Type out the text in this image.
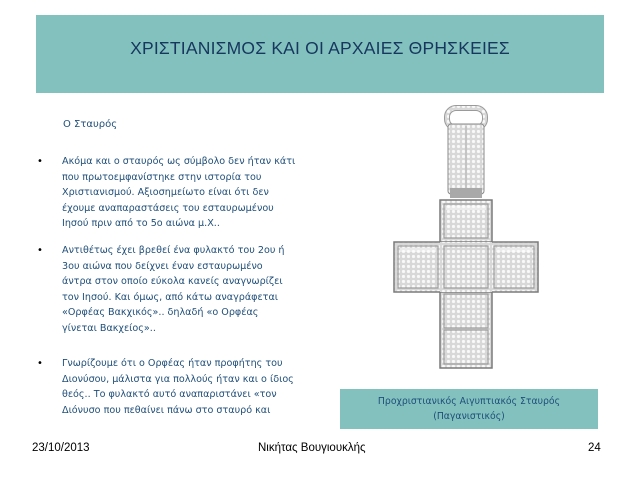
ΧΡΙΣΤΙΑΝΙΣΜΟΣ ΚΑΙ ΟΙ ΑΡΧΑΙΕΣ ΘΡΗΣΚΕΙΕΣ
Ο Σταυρός
• Ακόμα και ο σταυρός ως σύμβολο δεν ήταν κάτι
που πρωτοεμφανίστηκε στην ιστορία του
Χριστιανισμού. Αξιοσημείωτο είναι ότι δεν
έχουμε αναπαραστάσεις του εσταυρωμένου
Ιησού πριν από το 5ο αιώνα μ.Χ..
• Αντιθέτως έχει βρεθεί ένα φυλακτό του 2ου ή
3ου αιώνα που δείχνει έναν εσταυρωμένο
άντρα στον οποίο εύκολα κανείς αναγνωρίζει
τον Ιησού. Και όμως, από κάτω αναγράφεται
«Ορφέας Βακχικός».. δηλαδή «ο Ορφέας
γίνεται Βακχείος»..
• Γνωρίζουμε ότι ο Ορφέας ήταν προφήτης του
Διονύσου, μάλιστα για πολλούς ήταν και ο ίδιος
θεός.. Το φυλακτό αυτό αναπαριστάνει «τον
Διόνυσο που πεθαίνει πάνω στο σταυρό και
Προχριστιανικός Αιγυπτιακός Σταυρός
(Παγανιστικός)
23/10/2013	Νικήτας Βουγιουκλής	24
